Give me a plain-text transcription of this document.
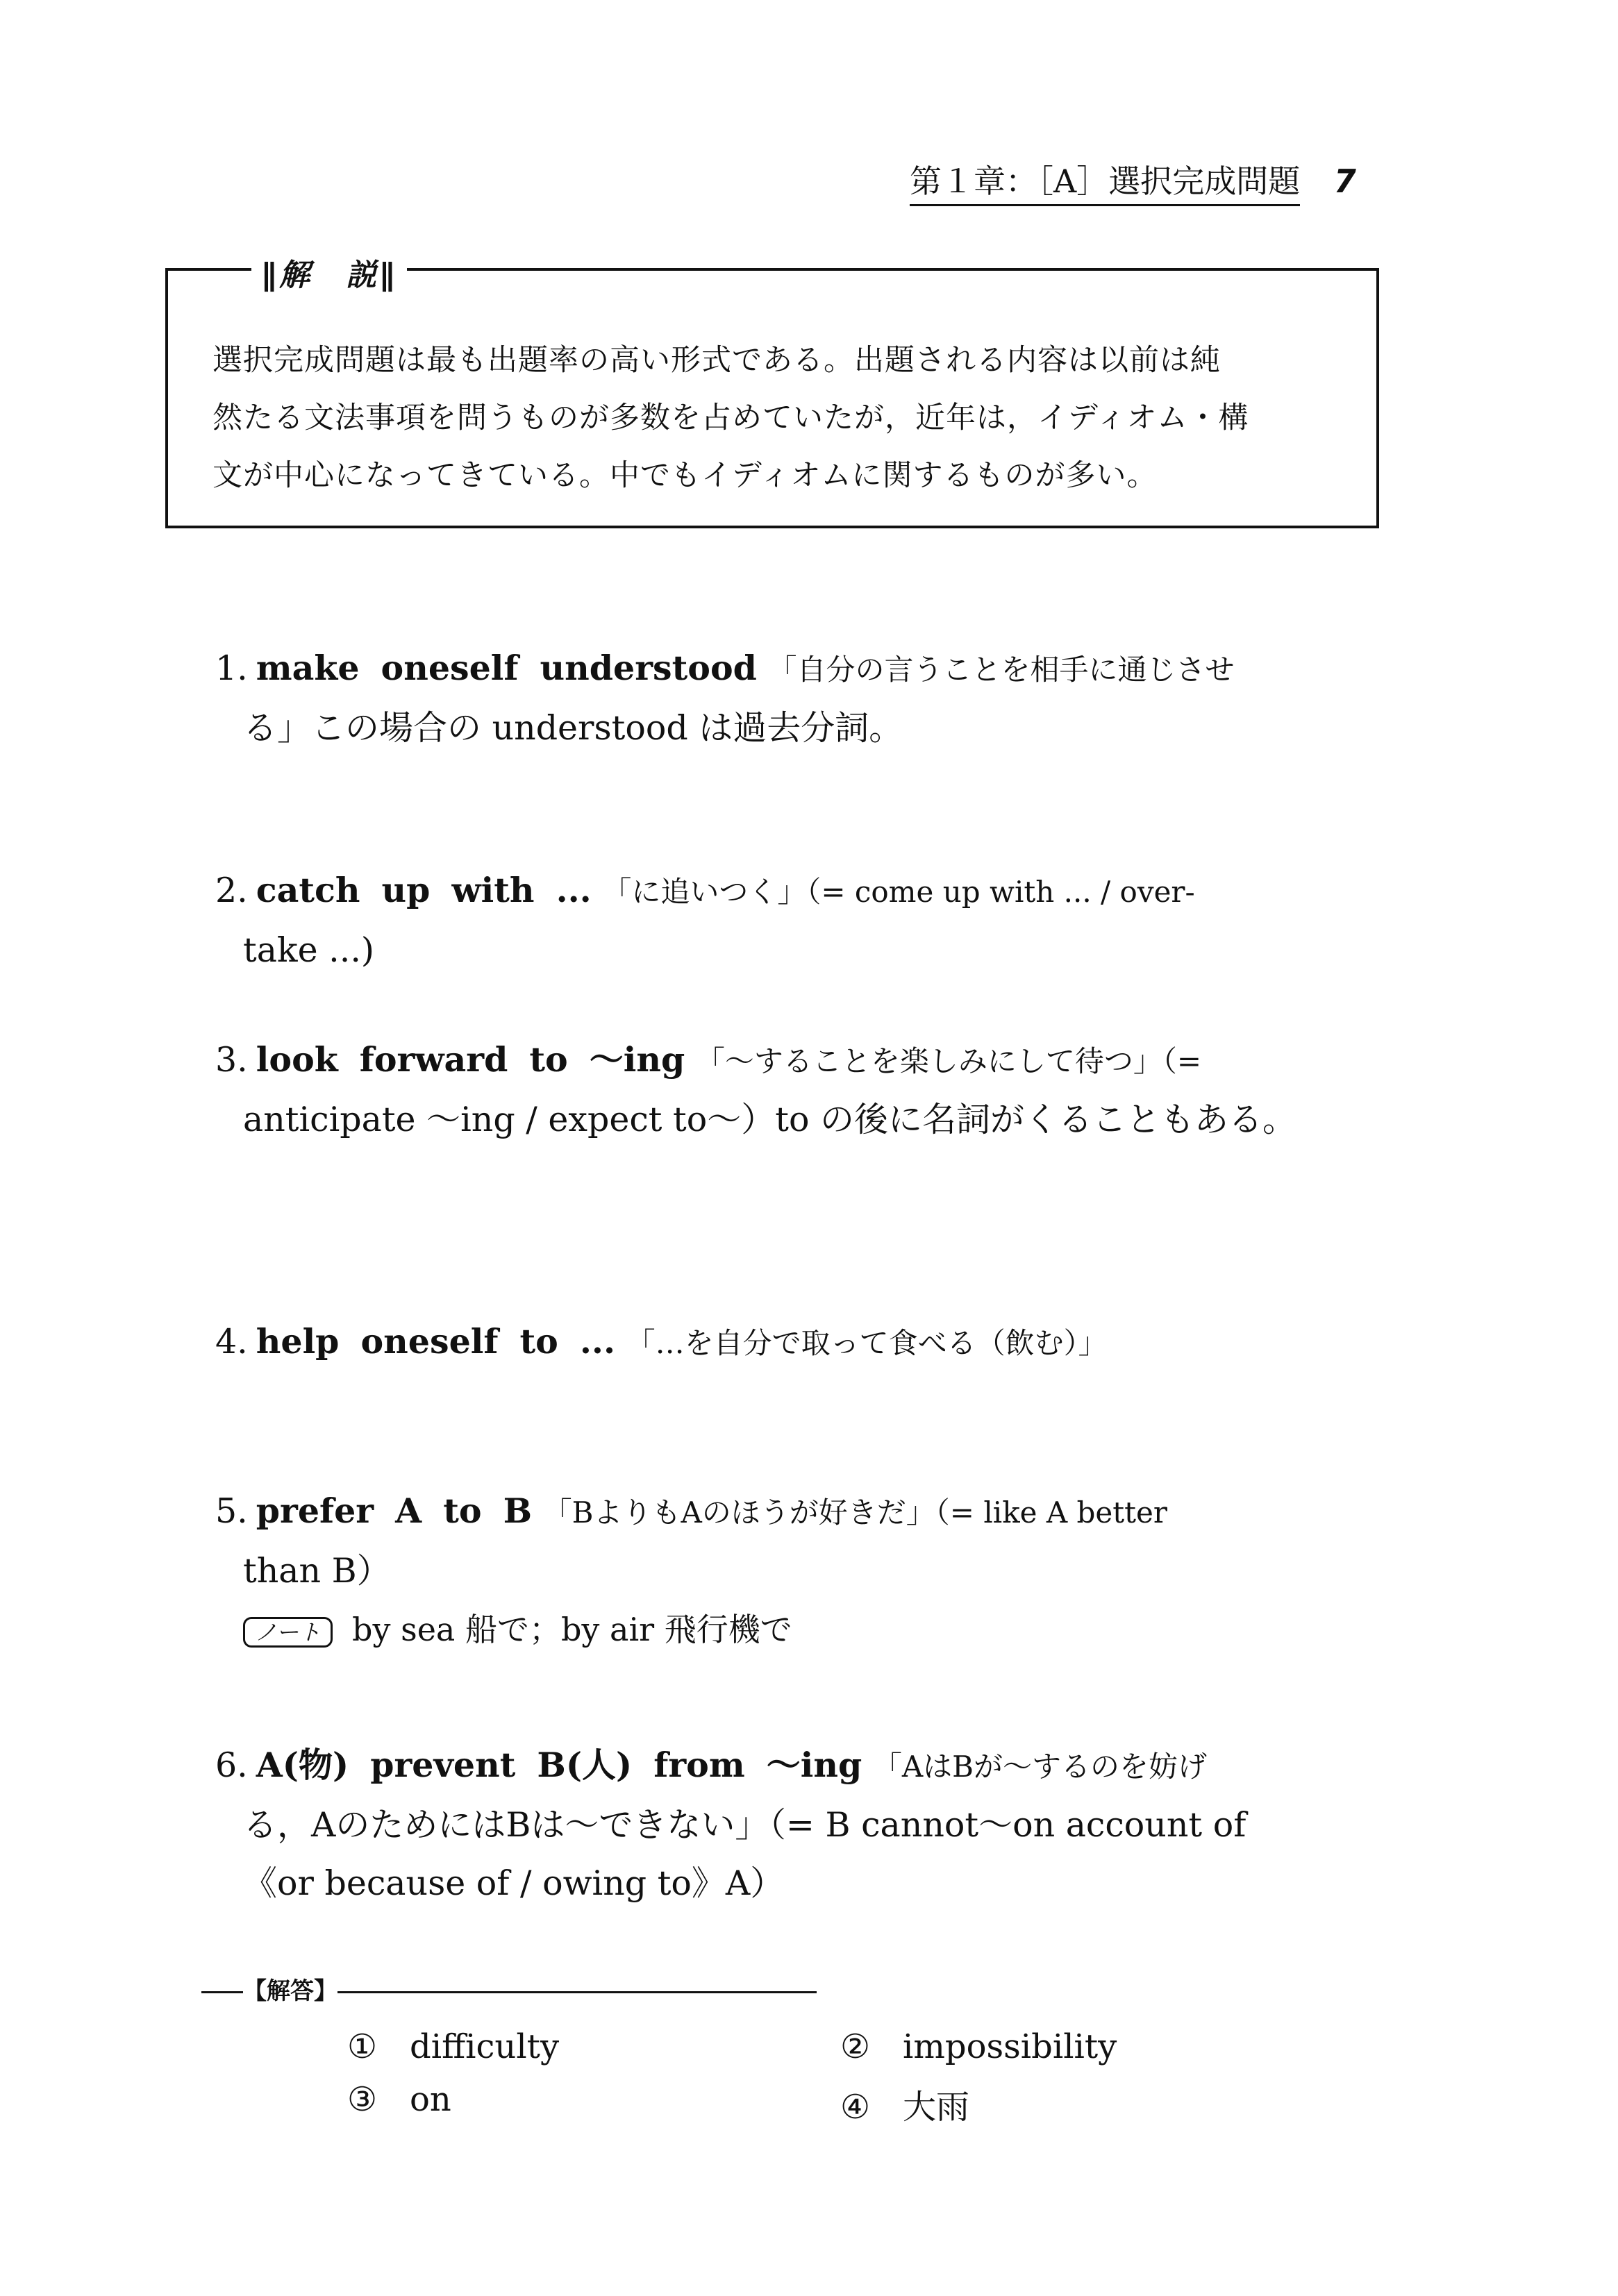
第１章：［A］選択完成問題 7
∥解　説∥
選択完成問題は最も出題率の高い形式である。出題される内容は以前は純
然たる文法事項を問うものが多数を占めていたが，近年は，イディオム・構
文が中心になってきている。中でもイディオムに関するものが多い。
1. make oneself understood 「自分の言うことを相手に通じさせ
る」この場合の understood は過去分詞。
2. catch up with ... 「に追いつく」（= come up with ... / over-
take ...)
3. look forward to ～ing 「～することを楽しみにして待つ」（=
anticipate ～ing / expect to～）to の後に名詞がくることもある。
4. help oneself to ... 「…を自分で取って食べる（飲む）」
5. prefer A to B 「BよりもAのほうが好きだ」（= like A better
than B）
ノート by sea 船で；by air 飛行機で
6. A(物) prevent B(人) from ～ing 「AはBが～するのを妨げ
る，AのためにはBは～できない」（= B cannot～on account of
《or because of / owing to》A）
【解答】
① difficulty	② impossibility
③ on	④ 大雨
